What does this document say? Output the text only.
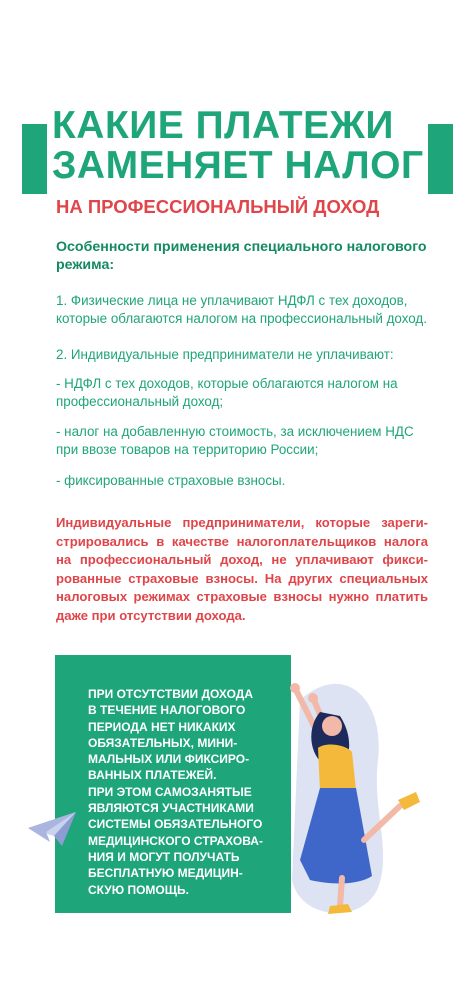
КАКИЕ ПЛАТЕЖИ
ЗАМЕНЯЕТ НАЛОГ
НА ПРОФЕССИОНАЛЬНЫЙ ДОХОД
Особенности применения специального налогового режима:
1. Физические лица не уплачивают НДФЛ с тех доходов, которые облагаются налогом на профессиональный доход.
2. Индивидуальные предприниматели не уплачивают:
- НДФЛ с тех доходов, которые облагаются налогом на профессиональный доход;
- налог на добавленную стоимость, за исключением НДС при ввозе товаров на территорию России;
- фиксированные страховые взносы.
Индивидуальные предприниматели, которые зареги-стрировались в качестве налогоплательщиков налога на профессиональный доход, не уплачивают фикси-рованные страховые взносы. На других специальных налоговых режимах страховые взносы нужно платить даже при отсутствии дохода.
ПРИ ОТСУТСТВИИ ДОХОДА
В ТЕЧЕНИЕ НАЛОГОВОГО
ПЕРИОДА НЕТ НИКАКИХ
ОБЯЗАТЕЛЬНЫХ, МИНИ-
МАЛЬНЫХ ИЛИ ФИКСИРО-
ВАННЫХ ПЛАТЕЖЕЙ.
ПРИ ЭТОМ САМОЗАНЯТЫЕ
ЯВЛЯЮТСЯ УЧАСТНИКАМИ
СИСТЕМЫ ОБЯЗАТЕЛЬНОГО
МЕДИЦИНСКОГО СТРАХОВА-
НИЯ И МОГУТ ПОЛУЧАТЬ
БЕСПЛАТНУЮ МЕДИЦИН-
СКУЮ ПОМОЩЬ.
